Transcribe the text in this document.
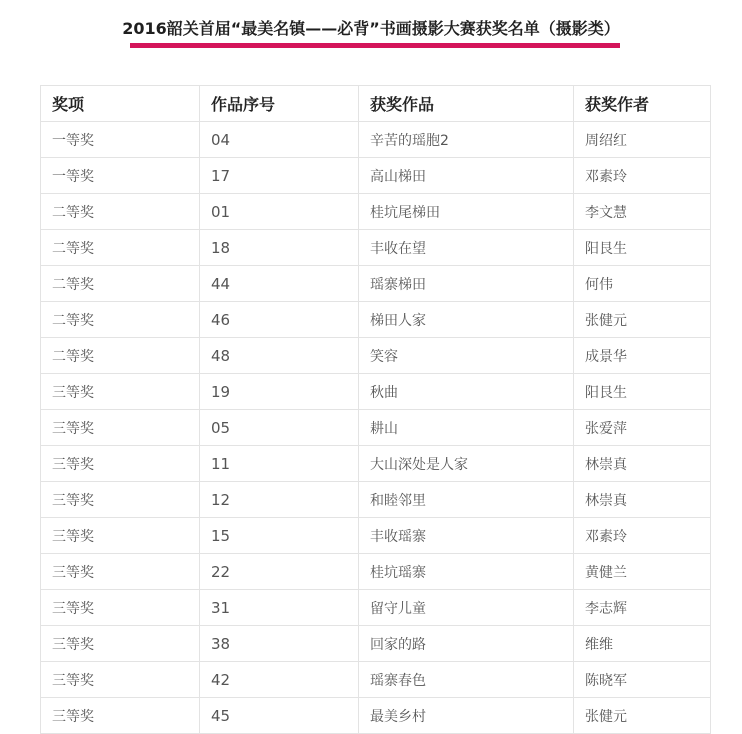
2016韶关首届“最美名镇——必背”书画摄影大赛获奖名单（摄影类）
奖项	作品序号	获奖作品	获奖作者
一等奖	04	辛苦的瑶胞2	周绍红
一等奖	17	高山梯田	邓素玲
二等奖	01	桂坑尾梯田	李文慧
二等奖	18	丰收在望	阳艮生
二等奖	44	瑶寨梯田	何伟
二等奖	46	梯田人家	张健元
二等奖	48	笑容	成景华
三等奖	19	秋曲	阳艮生
三等奖	05	耕山	张爱萍
三等奖	11	大山深处是人家	林崇真
三等奖	12	和睦邻里	林崇真
三等奖	15	丰收瑶寨	邓素玲
三等奖	22	桂坑瑶寨	黄健兰
三等奖	31	留守儿童	李志辉
三等奖	38	回家的路	维维
三等奖	42	瑶寨春色	陈晓军
三等奖	45	最美乡村	张健元
